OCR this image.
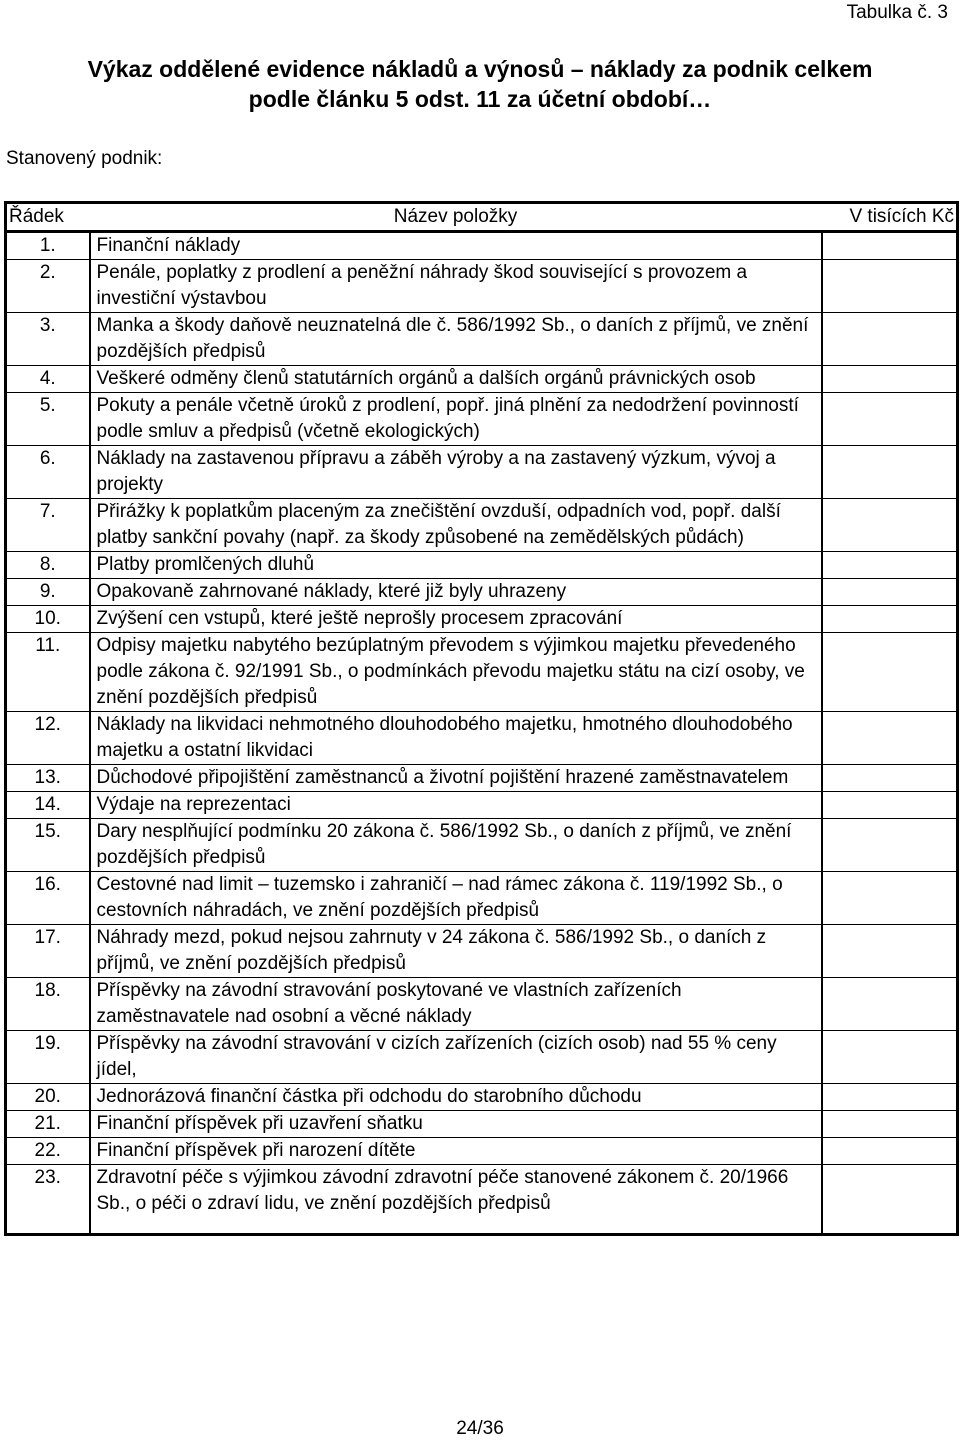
Tabulka č. 3
Výkaz oddělené evidence nákladů a výnosů – náklady za podnik celkem
podle článku 5 odst. 11 za účetní období…
Stanovený podnik:
Řádek	Název položky	V tisících Kč
1.	Finanční náklady	
2.	Penále, poplatky z prodlení a peněžní náhrady škod související s provozem a investiční výstavbou	
3.	Manka a škody daňově neuznatelná dle č. 586/1992 Sb., o daních z příjmů, ve znění pozdějších předpisů	
4.	Veškeré odměny členů statutárních orgánů a dalších orgánů právnických osob	
5.	Pokuty a penále včetně úroků z prodlení, popř. jiná plnění za nedodržení povinností podle smluv a předpisů (včetně ekologických)	
6.	Náklady na zastavenou přípravu a záběh výroby a na zastavený výzkum, vývoj a projekty	
7.	Přirážky k poplatkům placeným za znečištění ovzduší, odpadních vod, popř. další platby sankční povahy (např. za škody způsobené na zemědělských půdách)	
8.	Platby promlčených dluhů	
9.	Opakovaně zahrnované náklady, které již byly uhrazeny	
10.	Zvýšení cen vstupů, které ještě neprošly procesem zpracování	
11.	Odpisy majetku nabytého bezúplatným převodem s výjimkou majetku převedeného podle zákona č. 92/1991 Sb., o podmínkách převodu majetku státu na cizí osoby, ve znění pozdějších předpisů	
12.	Náklady na likvidaci nehmotného dlouhodobého majetku, hmotného dlouhodobého majetku a ostatní likvidaci	
13.	Důchodové připojištění zaměstnanců a životní pojištění hrazené zaměstnavatelem	
14.	Výdaje na reprezentaci	
15.	Dary nesplňující podmínku 20 zákona č. 586/1992 Sb., o daních z příjmů, ve znění pozdějších předpisů	
16.	Cestovné nad limit – tuzemsko i zahraničí – nad rámec zákona č. 119/1992 Sb., o cestovních náhradách, ve znění pozdějších předpisů	
17.	Náhrady mezd, pokud nejsou zahrnuty v 24 zákona č. 586/1992 Sb., o daních z příjmů, ve znění pozdějších předpisů	
18.	Příspěvky na závodní stravování poskytované ve vlastních zařízeních zaměstnavatele nad osobní a věcné náklady	
19.	Příspěvky na závodní stravování v cizích zařízeních (cizích osob) nad 55 % ceny jídel,	
20.	Jednorázová finanční částka při odchodu do starobního důchodu	
21.	Finanční příspěvek při uzavření sňatku	
22.	Finanční příspěvek při narození dítěte	
23.	Zdravotní péče s výjimkou závodní zdravotní péče stanovené zákonem č. 20/1966 Sb., o péči o zdraví lidu, ve znění pozdějších předpisů	
24/36
